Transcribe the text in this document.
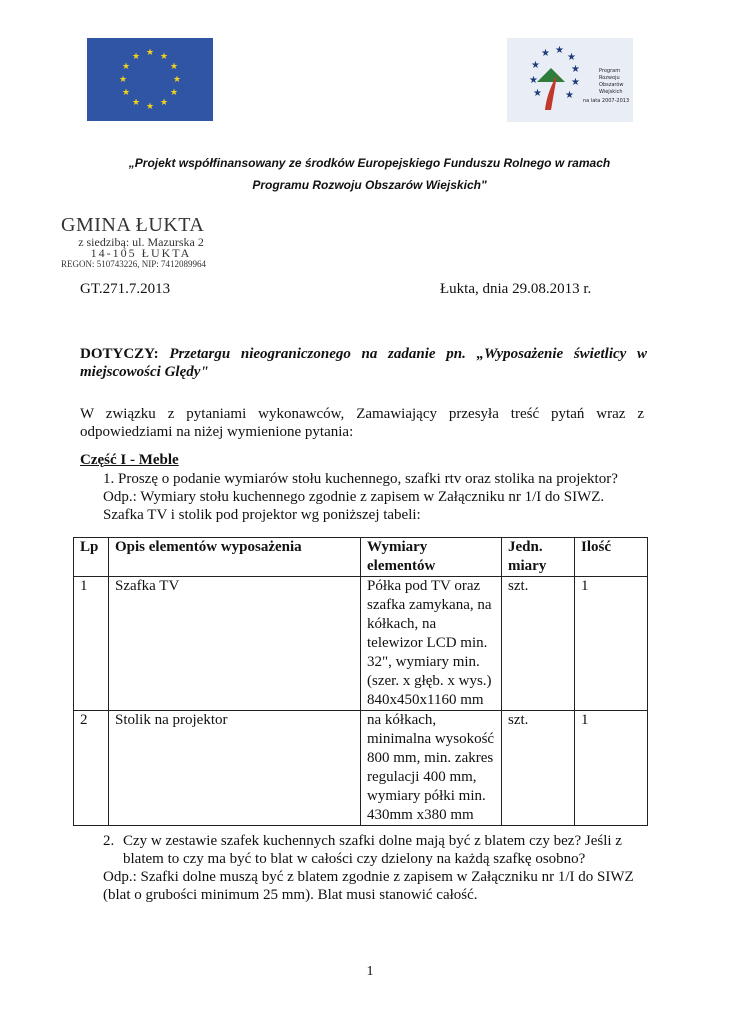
★ ★
★
★
★
★
★
★
★
★
★
★	★ ★
★
★	★
★	★
★ ★
Program
Rozwoju
Obszarów
Wiejskich
na lata 2007-2013
„Projekt współfinansowany ze środków Europejskiego Funduszu Rolnego w ramach
Programu Rozwoju Obszarów Wiejskich"
GMINA ŁUKTA
z siedzibą: ul. Mazurska 2
14-105 ŁUKTA
REGON: 510743226, NIP: 7412089964
GT.271.7.2013	Łukta, dnia 29.08.2013 r.
DOTYCZY: Przetargu nieograniczonego na zadanie pn. „Wyposażenie świetlicy w miejscowości Ględy"
W związku z pytaniami wykonawców, Zamawiający przesyła treść pytań wraz z odpowiedziami na niżej wymienione pytania:
Część I - Meble
1. Proszę o podanie wymiarów stołu kuchennego, szafki rtv oraz stolika na projektor?
Odp.: Wymiary stołu kuchennego zgodnie z zapisem w Załączniku nr 1/I do SIWZ.
Szafka TV i stolik pod projektor wg poniższej tabeli:
Lp	Opis elementów wyposażenia	Wymiary elementów	Jedn. miary	Ilość
1	Szafka TV	Półka pod TV oraz szafka zamykana, na kółkach, na telewizor LCD min. 32", wymiary min. (szer. x głęb. x wys.) 840x450x1160 mm	szt.	1
2	Stolik na projektor	na kółkach, minimalna wysokość 800 mm, min. zakres regulacji 400 mm, wymiary półki min. 430mm x380 mm	szt.	1
2. Czy w zestawie szafek kuchennych szafki dolne mają być z blatem czy bez? Jeśli z blatem to czy ma być to blat w całości czy dzielony na każdą szafkę osobno?
Odp.: Szafki dolne muszą być z blatem zgodnie z zapisem w Załączniku nr 1/I do SIWZ (blat o grubości minimum 25 mm). Blat musi stanowić całość.
1
